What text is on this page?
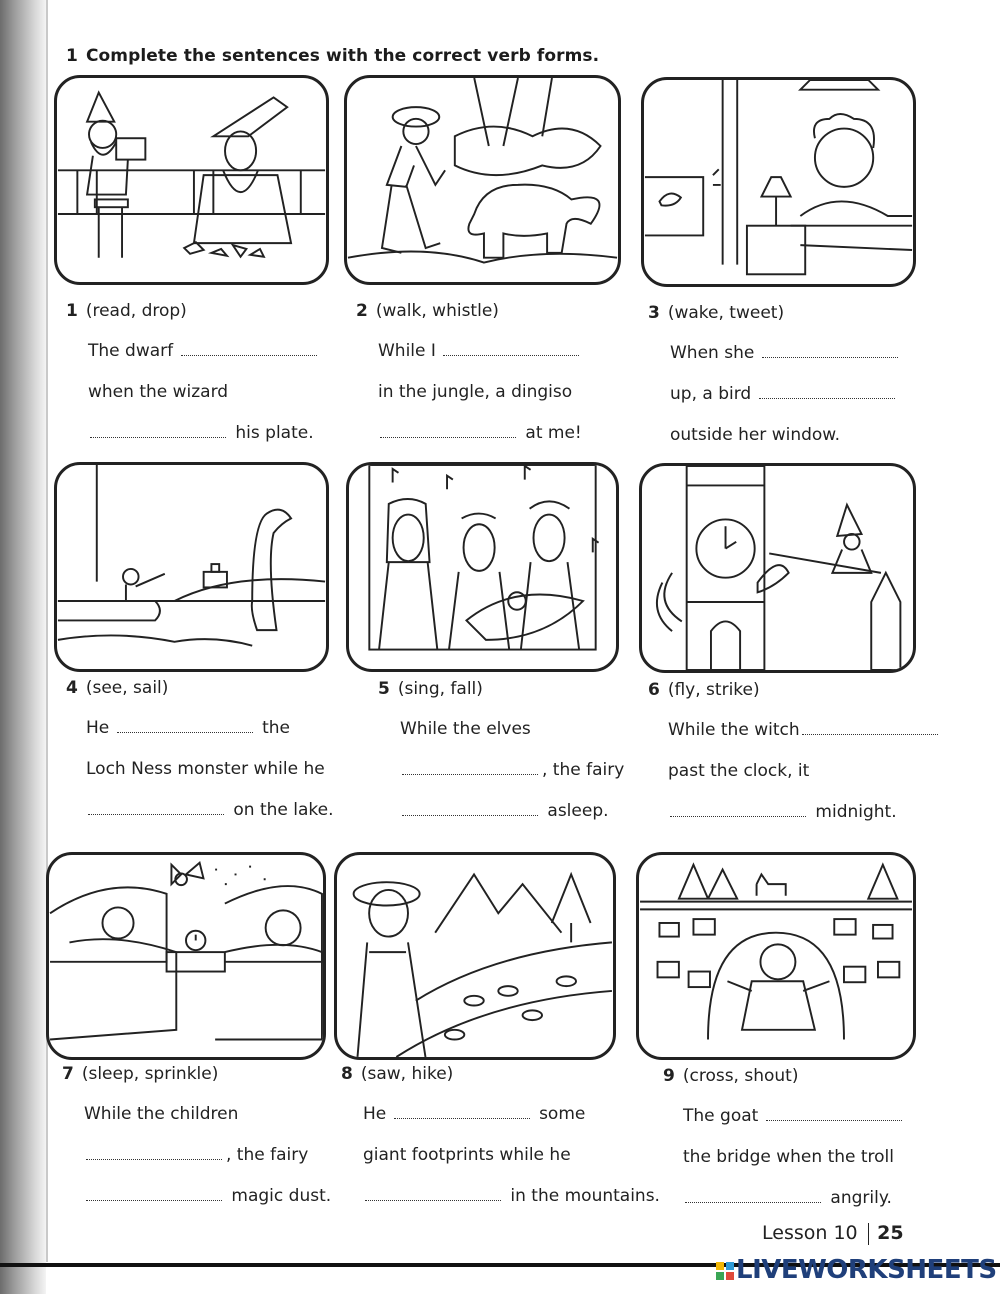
1 Complete the sentences with the correct verb forms.
1 (read, drop)
The dwarf
when the wizard
his plate.
2 (walk, whistle)
While I
in the jungle, a dingiso
at me!
3 (wake, tweet)
When she
up, a bird
outside her window.
4 (see, sail)
He	the
Loch Ness monster while he
on the lake.
5 (sing, fall)
While the elves
, the fairy
asleep.
6 (fly, strike)
While the witch
past the clock, it
midnight.
7 (sleep, sprinkle)
While the children
, the fairy
magic dust.
8 (saw, hike)
He	some
giant footprints while he
in the mountains.
9 (cross, shout)
The goat
the bridge when the troll
angrily.
Lesson 10 25
LIVEWORKSHEETS
